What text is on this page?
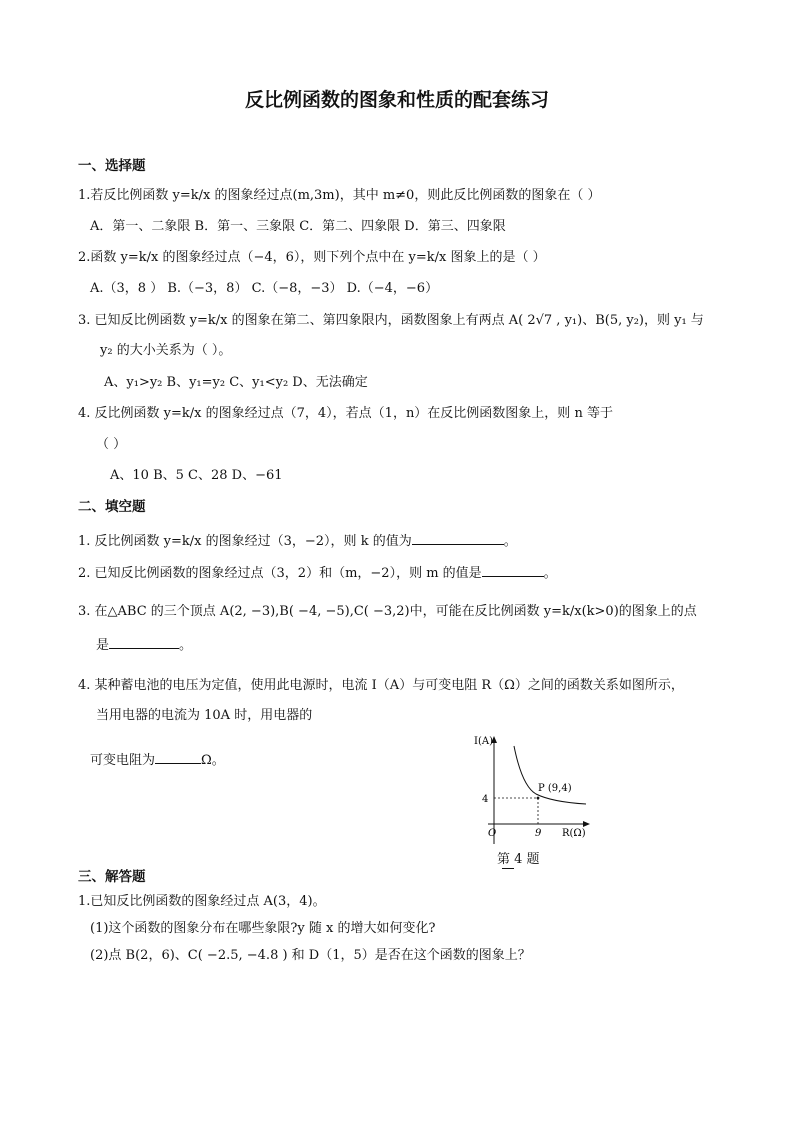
反比例函数的图象和性质的配套练习
一、选择题
1.若反比例函数 y=k/x 的图象经过点(m,3m)，其中 m≠0，则此反比例函数的图象在（ ）
A．第一、二象限 B．第一、三象限 C．第二、四象限 D．第三、四象限
2.函数 y=k/x 的图象经过点（−4，6），则下列个点中在 y=k/x 图象上的是（ ）
A.（3，8 ） B.（−3，8） C.（−8，−3） D.（−4，−6）
3. 已知反比例函数 y=k/x 的图象在第二、第四象限内，函数图象上有两点 A( 2√7 , y₁)、B(5, y₂)，则 y₁ 与
y₂ 的大小关系为（ ）。
A、y₁>y₂ B、y₁=y₂ C、y₁<y₂ D、无法确定
4. 反比例函数 y=k/x 的图象经过点（7，4），若点（1，n）在反比例函数图象上，则 n 等于
（ ）
A、10 B、5 C、28 D、−61
二、填空题
1. 反比例函数 y=k/x 的图象经过（3，−2），则 k 的值为	。
2. 已知反比例函数的图象经过点（3，2）和（m，−2），则 m 的值是	。
3. 在△ABC 的三个顶点 A(2, −3),B( −4, −5),C( −3,2)中，可能在反比例函数 y=k/x(k>0)的图象上的点
是	。
4. 某种蓄电池的电压为定值，使用此电源时，电流 I（A）与可变电阻 R（Ω）之间的函数关系如图所示，
当用电器的电流为 10A 时，用电器的
可变电阻为	Ω。
I(A)
R(Ω)
O
P (9,4)
4
9
第 4 题
三、解答题
1.已知反比例函数的图象经过点 A(3，4)。
(1)这个函数的图象分布在哪些象限?y 随 x 的增大如何变化?
(2)点 B(2，6)、C( −2.5, −4.8 ) 和 D（1，5）是否在这个函数的图象上？
